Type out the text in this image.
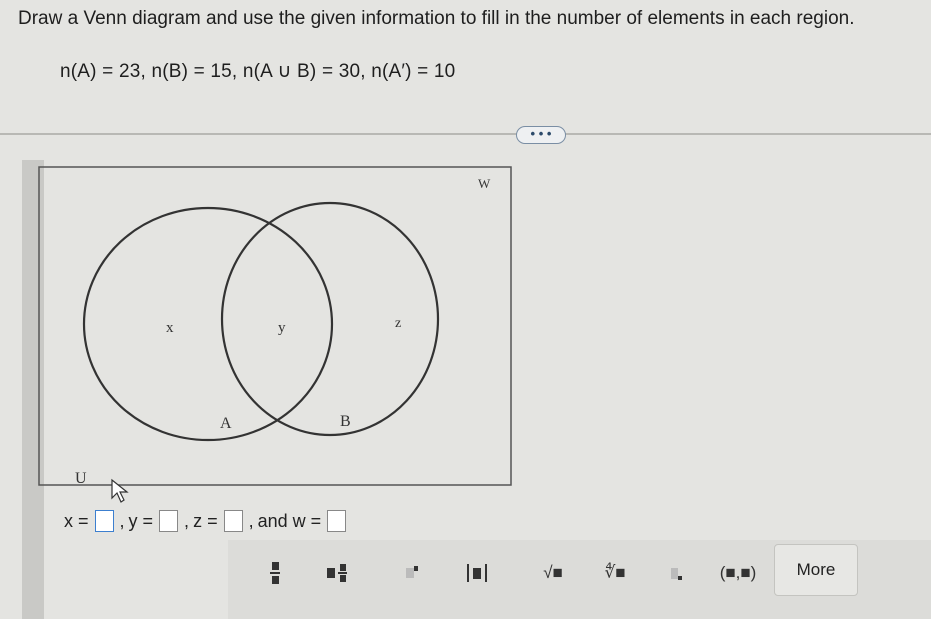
Draw a Venn diagram and use the given information to fill in the number of elements in each region.
n(A) = 23, n(B) = 15, n(A ∪ B) = 30, n(A′) = 10
• • •
W
x	y	z
A	B
U
x = , y = , z = , and w =
√■ ∜■	(■,■) More
